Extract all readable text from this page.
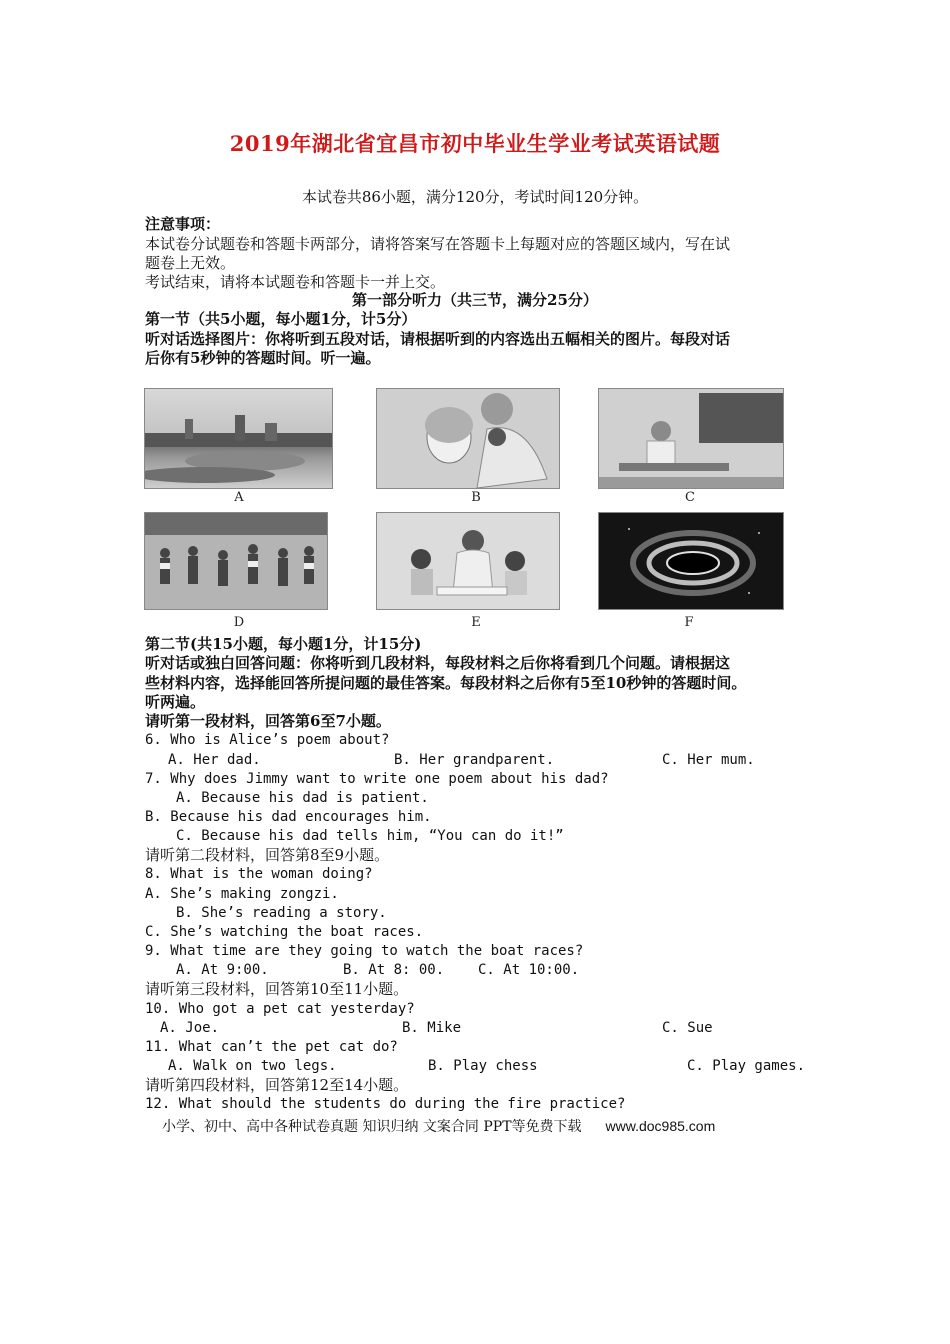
2019年湖北省宜昌市初中毕业生学业考试英语试题
本试卷共86小题，满分120分，考试时间120分钟。
注意事项：
本试卷分试题卷和答题卡两部分，请将答案写在答题卡上每题对应的答题区域内，写在试
题卷上无效。
考试结束，请将本试题卷和答题卡一并上交。
第一部分听力（共三节，满分25分）
第一节（共5小题，每小题1分，计5分）
听对话选择图片：你将听到五段对话，请根据听到的内容选出五幅相关的图片。每段对话
后你有5秒钟的答题时间。听一遍。
A	B	C
D	E	F
第二节(共15小题，每小题1分，计15分)
听对话或独白回答问题：你将听到几段材料，每段材料之后你将看到几个问题。请根据这
些材料内容，选择能回答所提问题的最佳答案。每段材料之后你有5至10秒钟的答题时间。
听两遍。
请听第一段材料，回答第6至7小题。
6. Who is Alice’s poem about?
A. Her dad.	B. Her grandparent.	C. Her mum.
7. Why does Jimmy want to write one poem about his dad?
A. Because his dad is patient.
B. Because his dad encourages him.
C. Because his dad tells him, “You can do it!”
请听第二段材料，回答第8至9小题。
8. What is the woman doing?
A. She’s making zongzi.
B. She’s reading a story.
C. She’s watching the boat races.
9. What time are they going to watch the boat races?
A. At 9:00.	B. At 8: 00. C. At 10:00.
请听第三段材料，回答第10至11小题。
10. Who got a pet cat yesterday?
A. Joe.	B. Mike	C. Sue
11. What can’t the pet cat do?
A. Walk on two legs.	B. Play chess	C. Play games.
请听第四段材料，回答第12至14小题。
12. What should the students do during the fire practice?
小学、初中、高中各种试卷真题 知识归纳 文案合同 PPT等免费下载 www.doc985.com
